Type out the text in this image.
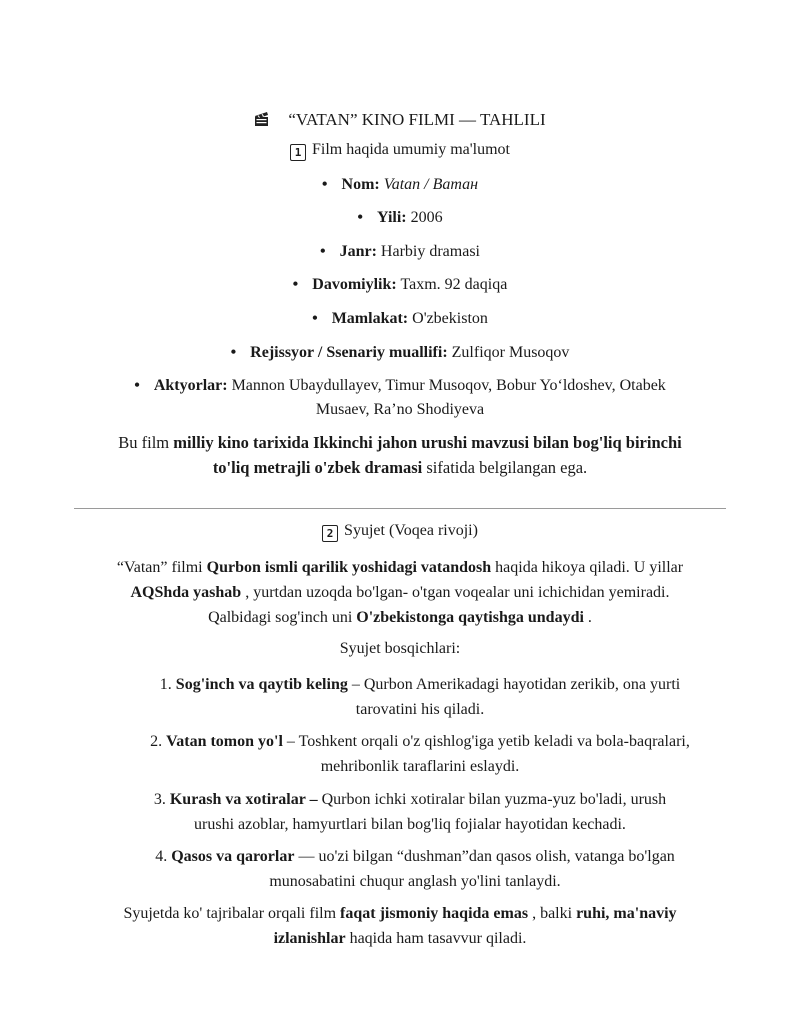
“VATAN” KINO FILMI — TAHLILI
1 Film haqida umumiy ma'lumot
• Nom: Vatan / Ватан
• Yili: 2006
• Janr: Harbiy dramasi
• Davomiylik: Taxm. 92 daqiqa
• Mamlakat: O'zbekiston
• Rejissyor / Ssenariy muallifi: Zulfiqor Musoqov
• Aktyorlar: Mannon Ubaydullayev, Timur Musoqov, Bobur Yo‘ldoshev, Otabek
Musaev, Ra’no Shodiyeva
Bu film milliy kino tarixida Ikkinchi jahon urushi mavzusi bilan bog'liq birinchi
to'liq metrajli o'zbek dramasi sifatida belgilangan ega.
2 Syujet (Voqea rivoji)
“Vatan” filmi Qurbon ismli qarilik yoshidagi vatandosh haqida hikoya qiladi. U yillar
AQShda yashab , yurtdan uzoqda bo'lgan- o'tgan voqealar uni ichichidan yemiradi.
Qalbidagi sog'inch uni O'zbekistonga qaytishga undaydi .
Syujet bosqichlari:
1. Sog'inch va qaytib keling – Qurbon Amerikadagi hayotidan zerikib, ona yurti
tarovatini his qiladi.
2. Vatan tomon yo'l – Toshkent orqali o'z qishlog'iga yetib keladi va bola-baqralari,
mehribonlik taraflarini eslaydi.
3. Kurash va xotiralar – Qurbon ichki xotiralar bilan yuzma-yuz bo'ladi, urush
urushi azoblar, hamyurtlari bilan bog'liq fojialar hayotidan kechadi.
4. Qasos va qarorlar — uo'zi bilgan “dushman”dan qasos olish, vatanga bo'lgan
munosabatini chuqur anglash yo'lini tanlaydi.
Syujetda ko' tajribalar orqali film faqat jismoniy haqida emas , balki ruhi, ma'naviy
izlanishlar haqida ham tasavvur qiladi.
